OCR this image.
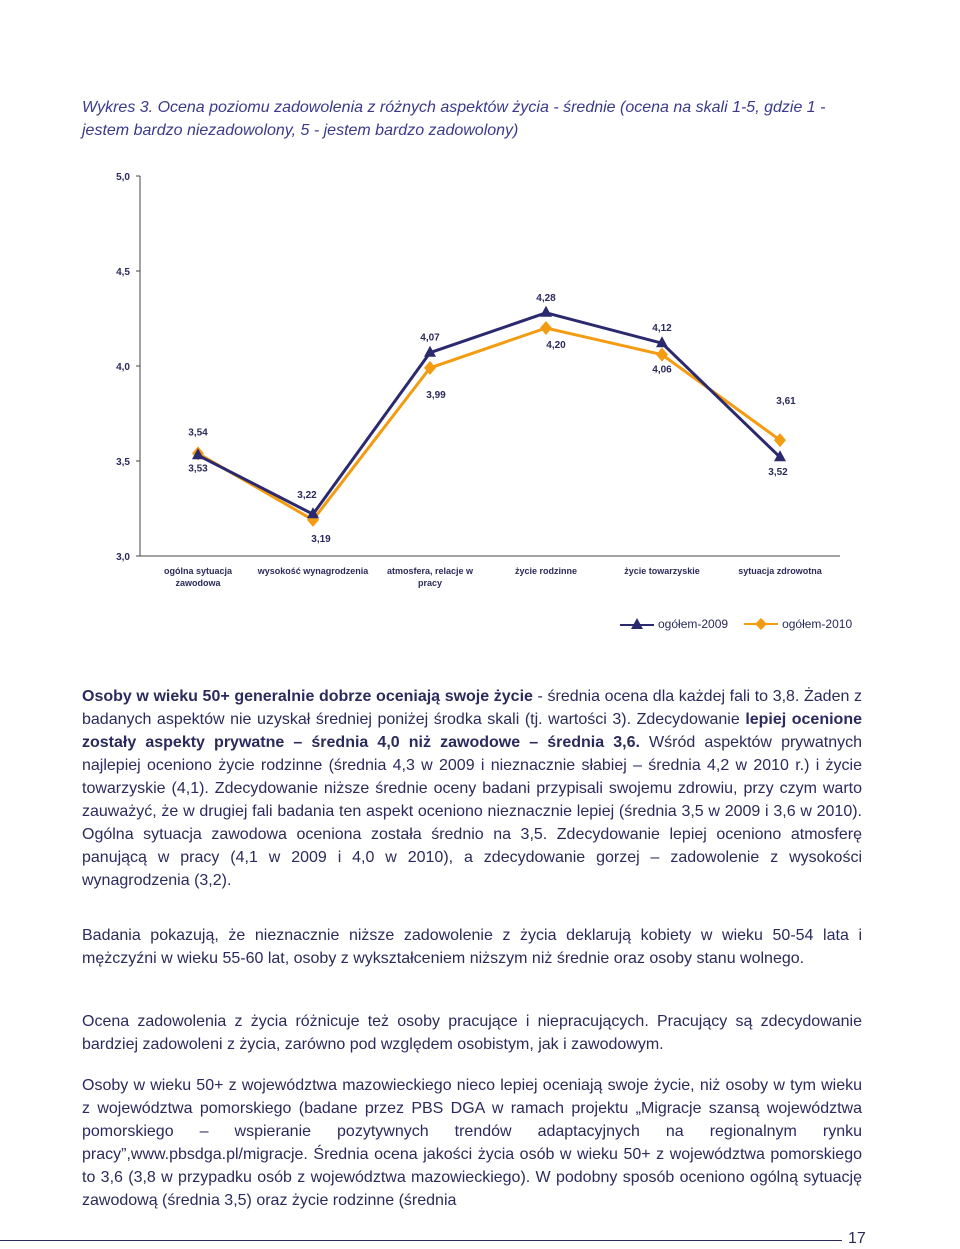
Wykres 3. Ocena poziomu zadowolenia z różnych aspektów życia - średnie (ocena na skali 1-5, gdzie 1 - jestem bardzo niezadowolony, 5 - jestem bardzo zadowolony)
5,0
4,5
4,0
3,5
3,0
ogólna sytuacja
zawodowa
wysokość wynagrodzenia atmosfera, relacje w
pracy
życie rodzinne	życie towarzyskie	sytuacja zdrowotna
3,54
3,19
3,99
4,20
4,06
3,61
3,53
3,22
4,07
4,28
4,12
3,52
ogółem-2009	ogółem-2010
Osoby w wieku 50+ generalnie dobrze oceniają swoje życie - średnia ocena dla każdej fali to 3,8. Żaden z badanych aspektów nie uzyskał średniej poniżej środka skali (tj. wartości 3). Zdecydowanie lepiej ocenione zostały aspekty prywatne – średnia 4,0 niż zawodowe – średnia 3,6. Wśród aspektów prywatnych najlepiej oceniono życie rodzinne (średnia 4,3 w 2009 i nieznacznie słabiej – średnia 4,2 w 2010 r.) i życie towarzyskie (4,1). Zdecydowanie niższe średnie oceny badani przypisali swojemu zdrowiu, przy czym warto zauważyć, że w drugiej fali badania ten aspekt oceniono nieznacznie lepiej (średnia 3,5 w 2009 i 3,6 w 2010). Ogólna sytuacja zawodowa oceniona została średnio na 3,5. Zdecydowanie lepiej oceniono atmosferę panującą w pracy (4,1 w 2009 i 4,0 w 2010), a zdecydowanie gorzej – zadowolenie z wysokości wynagrodzenia (3,2).
Badania pokazują, że nieznacznie niższe zadowolenie z życia deklarują kobiety w wieku 50-54 lata i mężczyźni w wieku 55-60 lat, osoby z wykształceniem niższym niż średnie oraz osoby stanu wolnego.
Ocena zadowolenia z życia różnicuje też osoby pracujące i niepracujących. Pracujący są zdecydowanie bardziej zadowoleni z życia, zarówno pod względem osobistym, jak i zawodowym.
Osoby w wieku 50+ z województwa mazowieckiego nieco lepiej oceniają swoje życie, niż osoby w tym wieku z województwa pomorskiego (badane przez PBS DGA w ramach projektu „Migracje szansą województwa pomorskiego – wspieranie pozytywnych trendów adaptacyjnych na regionalnym rynku pracy”,www.pbsdga.pl/migracje. Średnia ocena jakości życia osób w wieku 50+ z województwa pomorskiego to 3,6 (3,8 w przypadku osób z województwa mazowieckiego). W podobny sposób oceniono ogólną sytuację zawodową (średnia 3,5) oraz życie rodzinne (średnia
17
